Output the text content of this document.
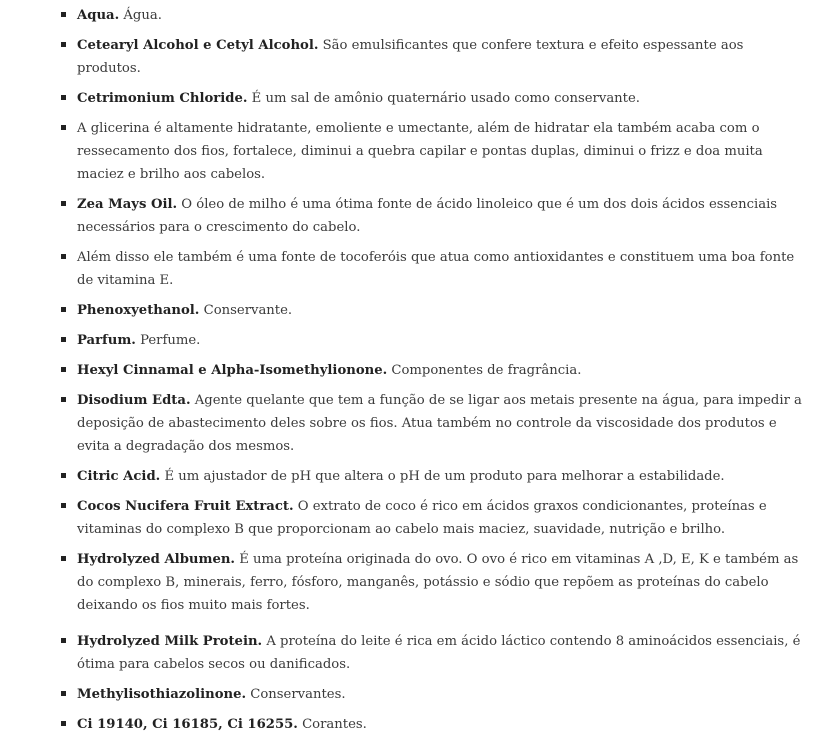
Aqua. Água.
Cetearyl Alcohol e Cetyl Alcohol. São emulsificantes que confere textura e efeito espessante aos produtos.
Cetrimonium Chloride. É um sal de amônio quaternário usado como conservante.
A glicerina é altamente hidratante, emoliente e umectante, além de hidratar ela também acaba com o ressecamento dos fios, fortalece, diminui a quebra capilar e pontas duplas, diminui o frizz e doa muita maciez e brilho aos cabelos.
Zea Mays Oil. O óleo de milho é uma ótima fonte de ácido linoleico que é um dos dois ácidos essenciais necessários para o crescimento do cabelo.
Além disso ele também é uma fonte de tocoferóis que atua como antioxidantes e constituem uma boa fonte de vitamina E.
Phenoxyethanol. Conservante.
Parfum. Perfume.
Hexyl Cinnamal e Alpha-Isomethylionone. Componentes de fragrância.
Disodium Edta. Agente quelante que tem a função de se ligar aos metais presente na água, para impedir a deposição de abastecimento deles sobre os fios. Atua também no controle da viscosidade dos produtos e evita a degradação dos mesmos.
Citric Acid. É um ajustador de pH que altera o pH de um produto para melhorar a estabilidade.
Cocos Nucifera Fruit Extract. O extrato de coco é rico em ácidos graxos condicionantes, proteínas e vitaminas do complexo B que proporcionam ao cabelo mais maciez, suavidade, nutrição e brilho.
Hydrolyzed Albumen. É uma proteína originada do ovo. O ovo é rico em vitaminas A ,D, E, K e também as do complexo B, minerais, ferro, fósforo, manganês, potássio e sódio que repõem as proteínas do cabelo deixando os fios muito mais fortes.
Hydrolyzed Milk Protein. A proteína do leite é rica em ácido láctico contendo 8 aminoácidos essenciais, é ótima para cabelos secos ou danificados.
Methylisothiazolinone. Conservantes.
Ci 19140, Ci 16185, Ci 16255. Corantes.
